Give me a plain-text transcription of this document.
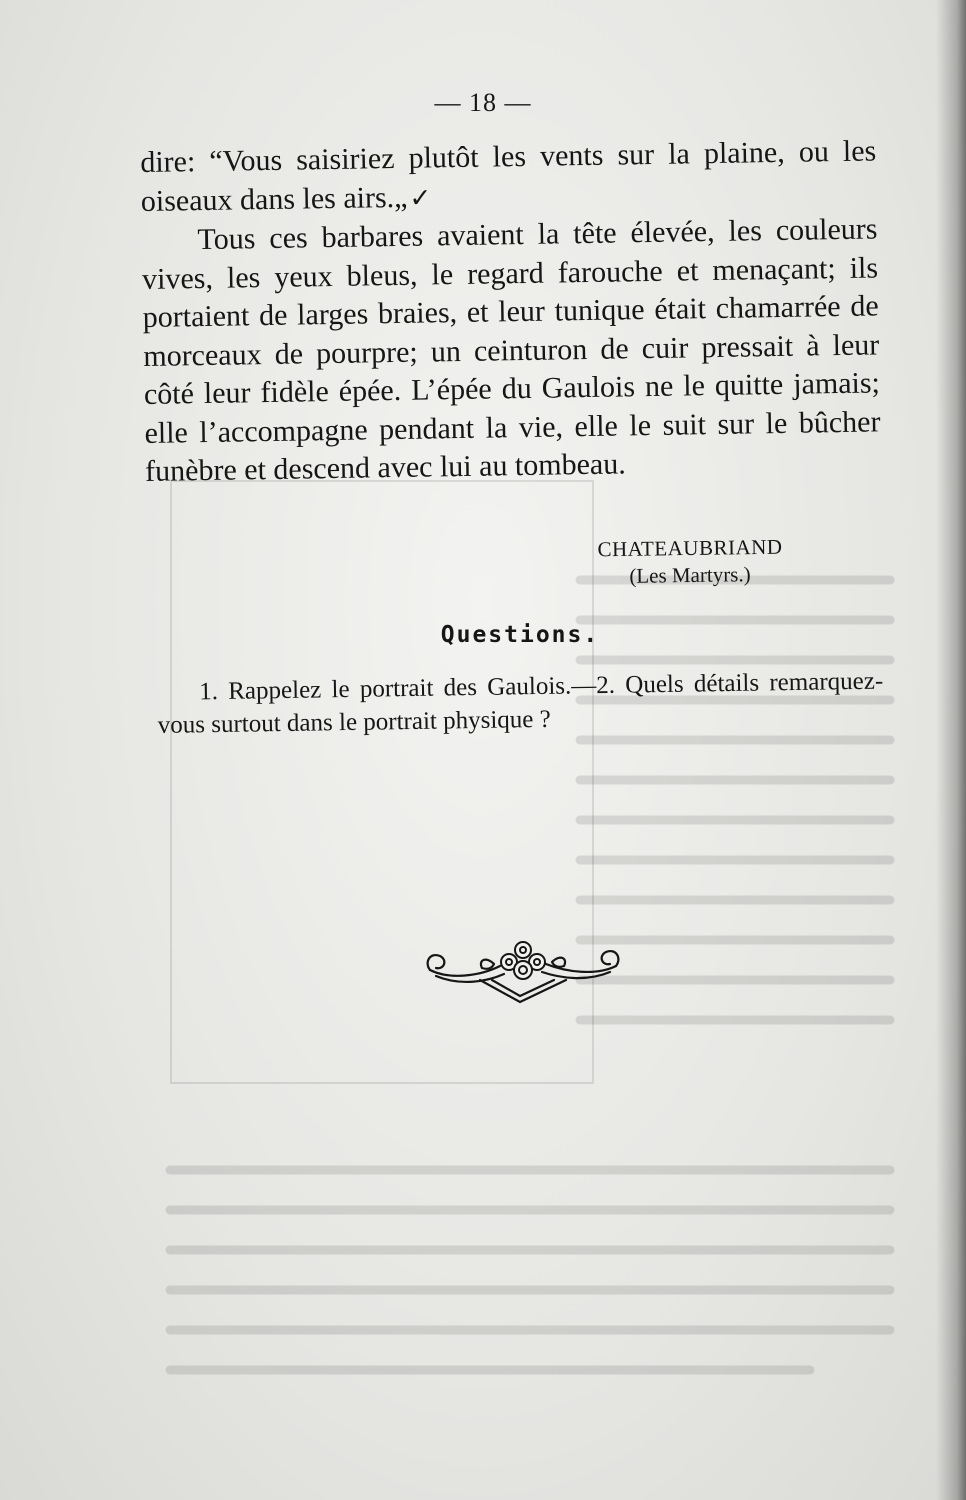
— 18 —

dire: “Vous saisiriez plutôt les vents sur la plaine, ou les oiseaux dans les airs.„✓

Tous ces barbares avaient la tête élevée, les couleurs vives, les yeux bleus, le regard farouche et menaçant; ils portaient de larges braies, et leur tunique était chamarrée de morceaux de pourpre; un ceinturon de cuir pressait à leur côté leur fidèle épée. L’épée du Gaulois ne le quitte jamais; elle l’accompagne pendant la vie, elle le suit sur le bûcher funèbre et descend avec lui au tombeau.

CHATEAUBRIAND
(Les Martyrs.)
Questions.

1. Rappelez le portrait des Gaulois.—2. Quels détails remarquez-vous surtout dans le portrait physique ?
